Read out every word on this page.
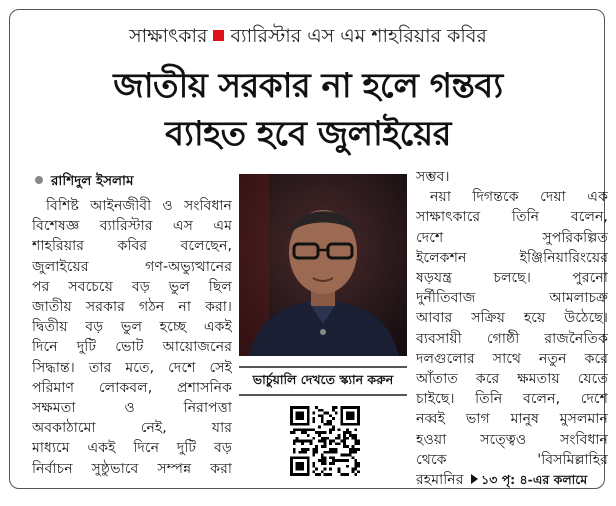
সাক্ষাৎকার ব্যারিস্টার এস এম শাহরিয়ার কবির
জাতীয় সরকার না হলে গন্তব্য
ব্যাহত হবে জুলাইয়ের
রাশিদুল ইসলাম
বিশিষ্ট আইনজীবী ও সংবিধান
বিশেষজ্ঞ ব্যারিস্টার এস এম
শাহরিয়ার কবির বলেছেন,
জুলাইয়ের গণ-অভ্যুত্থানের
পর সবচেয়ে বড় ভুল ছিল
জাতীয় সরকার গঠন না করা।
দ্বিতীয় বড় ভুল হচ্ছে একই
দিনে দুটি ভোট আয়োজনের
সিদ্ধান্ত। তার মতে, দেশে সেই
পরিমাণ লোকবল, প্রশাসনিক
সক্ষমতা ও নিরাপত্তা
অবকাঠামো নেই, যার
মাধ্যমে একই দিনে দুটি বড়
নির্বাচন সুষ্ঠুভাবে সম্পন্ন করা
ভার্চুয়ালি দেখতে স্ক্যান করুন
সম্ভব।
নয়া দিগন্তকে দেয়া এক
সাক্ষাৎকারে তিনি বলেন,
দেশে সুপরিকল্পিত
ইলেকশন ইঞ্জিনিয়ারিংয়ের
ষড়যন্ত্র চলছে। পুরনো
দুর্নীতিবাজ আমলাচক্র
আবার সক্রিয় হয়ে উঠেছে।
ব্যবসায়ী গোষ্ঠী রাজনৈতিক
দলগুলোর সাথে নতুন করে
আঁতাত করে ক্ষমতায় যেতে
চাইছে। তিনি বলেন, দেশে
নব্বই ভাগ মানুষ মুসলমান
হওয়া সত্ত্বেও সংবিধান
থেকে 'বিসমিল্লাহির
রহমানির ১৩ পৃ: ৪-এর কলামে
